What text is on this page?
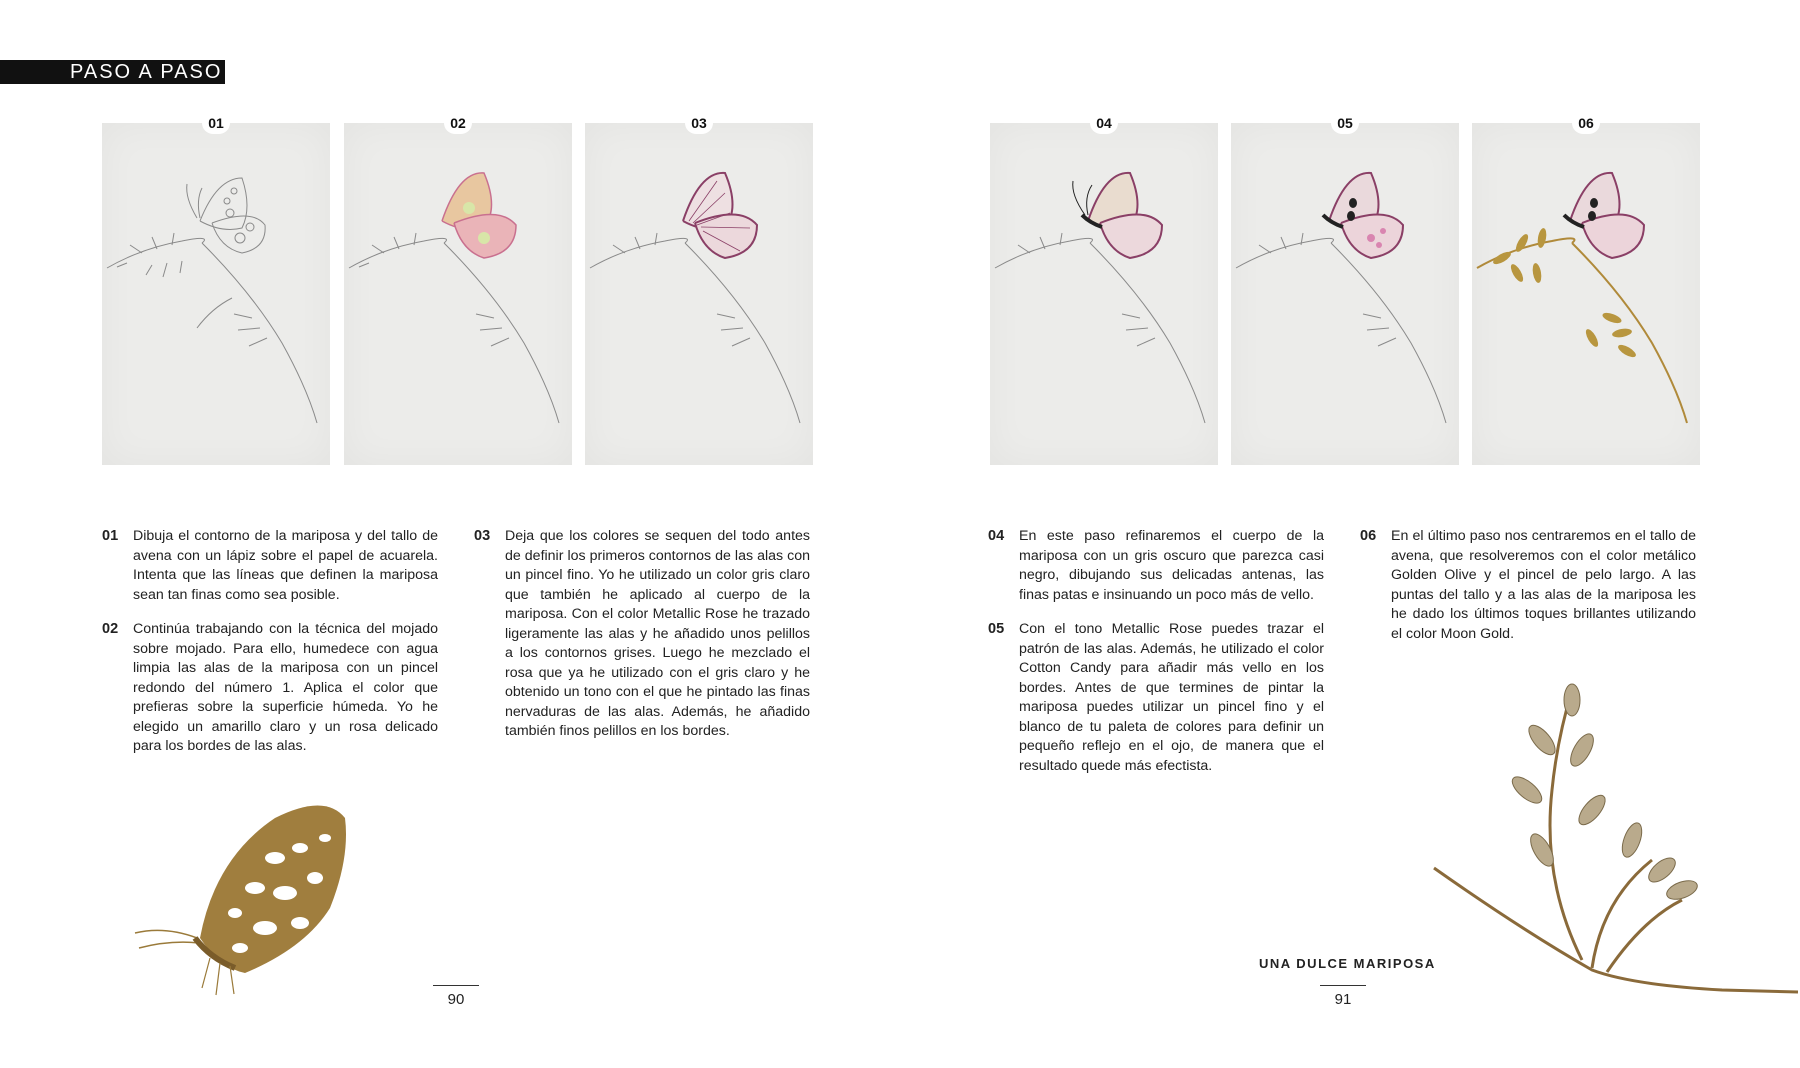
PASO A PASO
01	02	03	04	05	06
01 Dibuja el contorno de la mariposa y del tallo de avena con un lápiz sobre el papel de acuarela. Intenta que las líneas que definen la mariposa sean tan finas como sea posible.
02 Continúa trabajando con la técnica del mojado sobre mojado. Para ello, humedece con agua limpia las alas de la mariposa con un pincel redondo del número 1. Aplica el color que prefieras sobre la superficie húmeda. Yo he elegido un amarillo claro y un rosa delicado para los bordes de las alas.
03 Deja que los colores se sequen del todo antes de definir los primeros contornos de las alas con un pincel fino. Yo he utilizado un color gris claro que también he aplicado al cuerpo de la mariposa. Con el color Metallic Rose he trazado ligeramente las alas y he añadido unos pelillos a los contornos grises. Luego he mezclado el rosa que ya he utilizado con el gris claro y he obtenido un tono con el que he pintado las finas nervaduras de las alas. Además, he añadido también finos pelillos en los bordes.
04 En este paso refinaremos el cuerpo de la mariposa con un gris oscuro que parezca casi negro, dibujando sus delicadas antenas, las finas patas e insinuando un poco más de vello.
05 Con el tono Metallic Rose puedes trazar el patrón de las alas. Además, he utilizado el color Cotton Candy para añadir más vello en los bordes. Antes de que termines de pintar la mariposa puedes utilizar un pincel fino y el blanco de tu paleta de colores para definir un pequeño reflejo en el ojo, de manera que el resultado quede más efectista.
06 En el último paso nos centraremos en el tallo de avena, que resolveremos con el color metálico Golden Olive y el pincel de pelo largo. A las puntas del tallo y a las alas de la mariposa les he dado los últimos toques brillantes utilizando el color Moon Gold.
UNA DULCE MARIPOSA
90	91
